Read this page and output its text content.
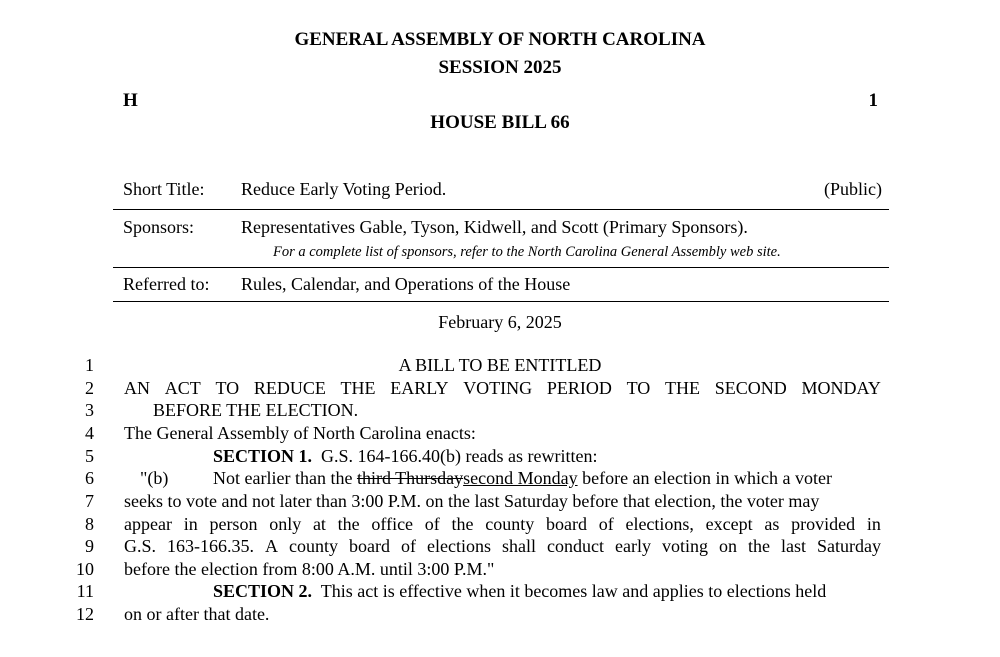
GENERAL ASSEMBLY OF NORTH CAROLINA
SESSION 2025
H	1
HOUSE BILL 66
Short Title: Reduce Early Voting Period.	(Public)
Sponsors:	Representatives Gable, Tyson, Kidwell, and Scott (Primary Sponsors).
For a complete list of sponsors, refer to the North Carolina General Assembly web site.
Referred to: Rules, Calendar, and Operations of the House
February 6, 2025
1
2
3
4
5
6
7
8
9
10
11
12
A BILL TO BE ENTITLED
AN ACT TO REDUCE THE EARLY VOTING PERIOD TO THE SECOND MONDAY
BEFORE THE ELECTION.
The General Assembly of North Carolina enacts:
SECTION 1. G.S. 164-166.40(b) reads as rewritten:
"(b) Not earlier than the third Thursdaysecond Monday before an election in which a voter
seeks to vote and not later than 3:00 P.M. on the last Saturday before that election, the voter may
appear in person only at the office of the county board of elections, except as provided in
G.S. 163-166.35. A county board of elections shall conduct early voting on the last Saturday
before the election from 8:00 A.M. until 3:00 P.M."
SECTION 2. This act is effective when it becomes law and applies to elections held
on or after that date.
